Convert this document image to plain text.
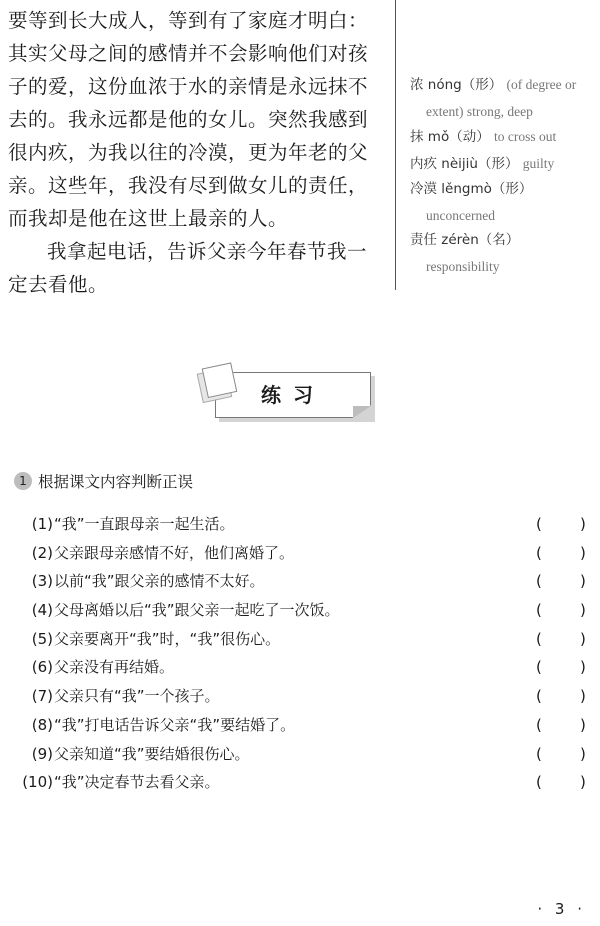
要等到长大成人，等到有了家庭才明白：

其实父母之间的感情并不会影响他们对孩

子的爱，这份血浓于水的亲情是永远抹不

去的。我永远都是他的女儿。突然我感到

很内疚，为我以往的冷漠，更为年老的父

亲。这些年，我没有尽到做女儿的责任，

而我却是他在这世上最亲的人。

我拿起电话，告诉父亲今年春节我一

定去看他。

浓 nóng（形） (of degree or
extent) strong, deep
抹 mǒ（动） to cross out
内疚 nèijiù（形） guilty
冷漠 lěngmò（形）
unconcerned
责任 zérèn（名）
responsibility
练习
1 根据课文内容判断正误
(1) “我”一直跟母亲一起生活。	(	)
(2) 父亲跟母亲感情不好，他们离婚了。	(	)
(3) 以前“我”跟父亲的感情不太好。	(	)
(4) 父母离婚以后“我”跟父亲一起吃了一次饭。	(	)
(5) 父亲要离开“我”时，“我”很伤心。	(	)
(6) 父亲没有再结婚。	(	)
(7) 父亲只有“我”一个孩子。	(	)
(8) “我”打电话告诉父亲“我”要结婚了。	(	)
(9) 父亲知道“我”要结婚很伤心。	(	)
(10) “我”决定春节去看父亲。	(	)
· 3 ·
